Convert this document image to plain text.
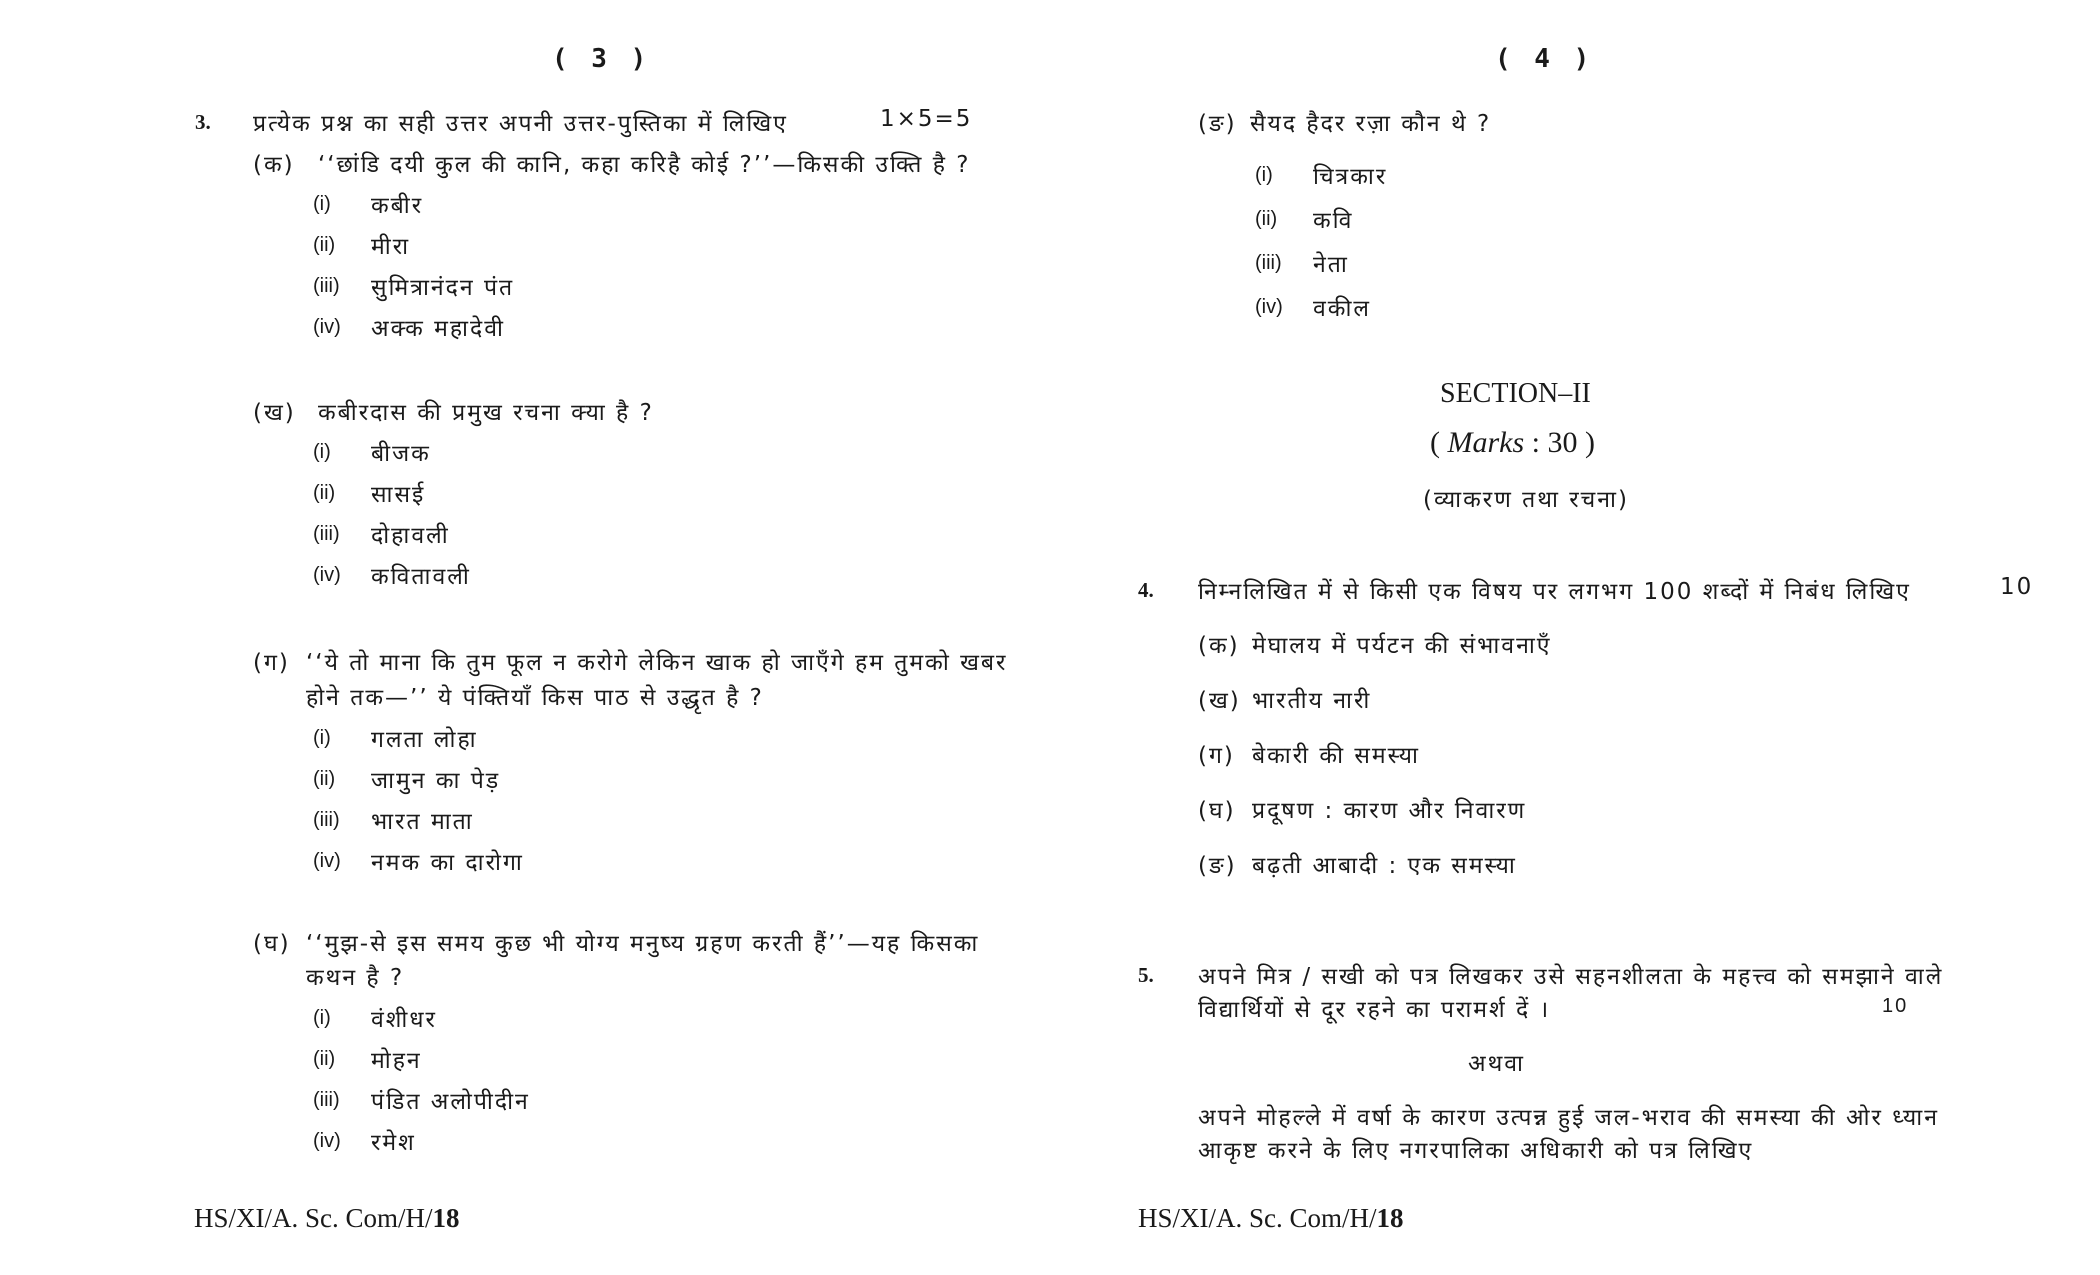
( 3 )
3. प्रत्येक प्रश्न का सही उत्तर अपनी उत्तर-पुस्तिका में लिखिए	1×5=5
(क) ‘‘छांडि दयी कुल की कानि, कहा करिहै कोई ?’’—किसकी उक्ति है ?
(i) कबीर
(ii) मीरा
(iii) सुमित्रानंदन पंत
(iv) अक्क महादेवी
(ख) कबीरदास की प्रमुख रचना क्या है ?
(i) बीजक
(ii) सासई
(iii) दोहावली
(iv) कवितावली
(ग) ‘‘ये तो माना कि तुम फूल न करोगे लेकिन खाक हो जाएँगे हम तुमको खबर
होने तक—’’ ये पंक्तियाँ किस पाठ से उद्धृत है ?
(i) गलता लोहा
(ii) जामुन का पेड़
(iii) भारत माता
(iv) नमक का दारोगा
(घ) ‘‘मुझ-से इस समय कुछ भी योग्य मनुष्य ग्रहण करती हैं’’—यह किसका
कथन है ?
(i) वंशीधर
(ii) मोहन
(iii) पंडित अलोपीदीन
(iv) रमेश
HS/XI/A. Sc. Com/H/18
( 4 )
(ङ) सैयद हैदर रज़ा कौन थे ?
(i) चित्रकार
(ii) कवि
(iii) नेता
(iv) वकील
SECTION–II
( Marks : 30 )
(व्याकरण तथा रचना)
4. निम्नलिखित में से किसी एक विषय पर लगभग 100 शब्दों में निबंध लिखिए	10
(क) मेघालय में पर्यटन की संभावनाएँ
(ख) भारतीय नारी
(ग) बेकारी की समस्या
(घ) प्रदूषण : कारण और निवारण
(ङ) बढ़ती आबादी : एक समस्या
5. अपने मित्र / सखी को पत्र लिखकर उसे सहनशीलता के महत्त्व को समझाने वाले
विद्यार्थियों से दूर रहने का परामर्श दें ।	10
अथवा
अपने मोहल्ले में वर्षा के कारण उत्पन्न हुई जल-भराव की समस्या की ओर ध्यान
आकृष्ट करने के लिए नगरपालिका अधिकारी को पत्र लिखिए
HS/XI/A. Sc. Com/H/18
